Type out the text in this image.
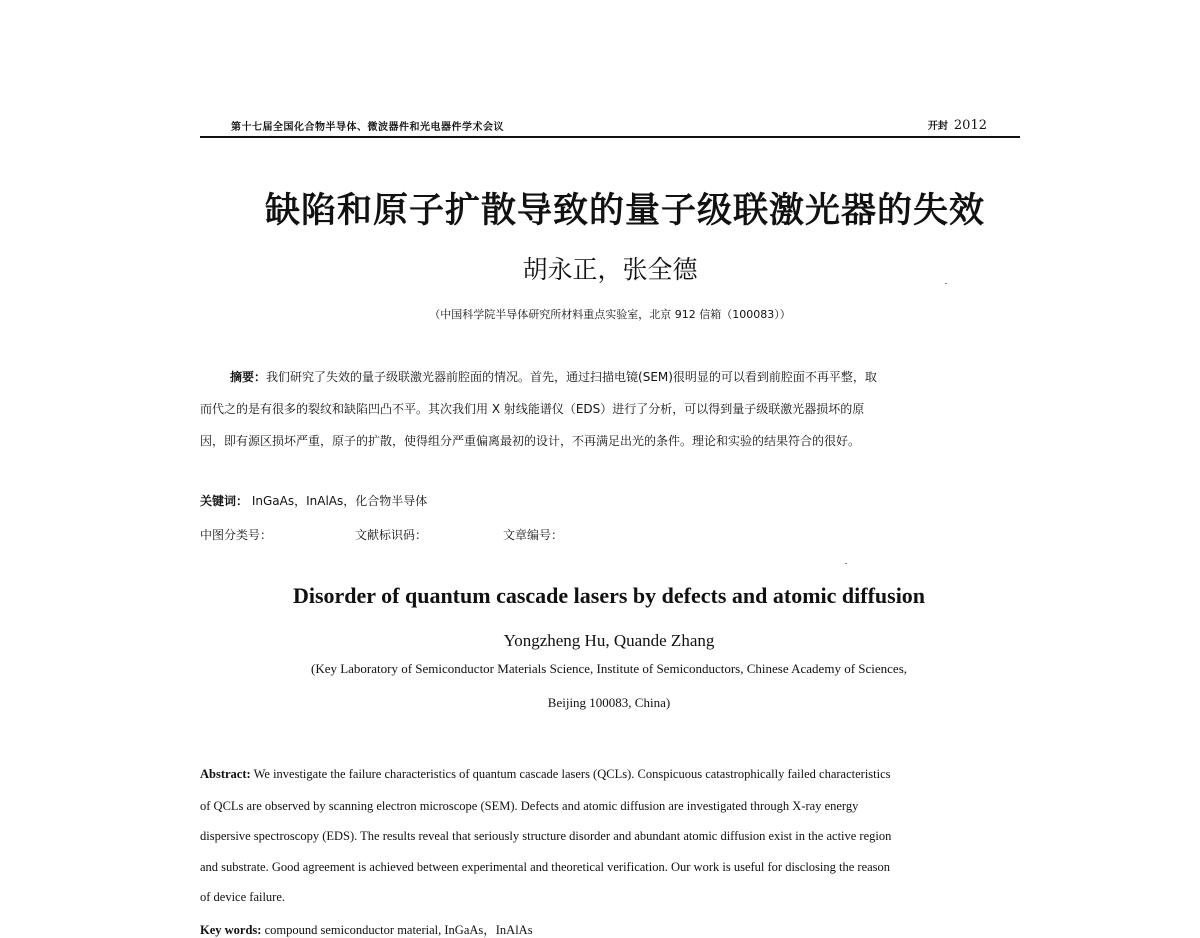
第十七届全国化合物半导体、微波器件和光电器件学术会议	开封 2012
缺陷和原子扩散导致的量子级联激光器的失效
胡永正，张全德
（中国科学院半导体研究所材料重点实验室，北京 912 信箱（100083））
摘要：我们研究了失效的量子级联激光器前腔面的情况。首先，通过扫描电镜(SEM)很明显的可以看到前腔面不再平整，取
而代之的是有很多的裂纹和缺陷凹凸不平。其次我们用 X 射线能谱仪（EDS）进行了分析，可以得到量子级联激光器损坏的原
因，即有源区损坏严重，原子的扩散，使得组分严重偏离最初的设计，不再满足出光的条件。理论和实验的结果符合的很好。
关键词： InGaAs，InAlAs，化合物半导体
中图分类号：	文献标识码：	文章编号：
Disorder of quantum cascade lasers by defects and atomic diffusion
Yongzheng Hu, Quande Zhang
(Key Laboratory of Semiconductor Materials Science, Institute of Semiconductors, Chinese Academy of Sciences,
Beijing 100083, China)
Abstract: We investigate the failure characteristics of quantum cascade lasers (QCLs). Conspicuous catastrophically failed characteristics
of QCLs are observed by scanning electron microscope (SEM). Defects and atomic diffusion are investigated through X-ray energy
dispersive spectroscopy (EDS). The results reveal that seriously structure disorder and abundant atomic diffusion exist in the active region
and substrate. Good agreement is achieved between experimental and theoretical verification. Our work is useful for disclosing the reason
of device failure.
Key words: compound semiconductor material, InGaAs，InAlAs
